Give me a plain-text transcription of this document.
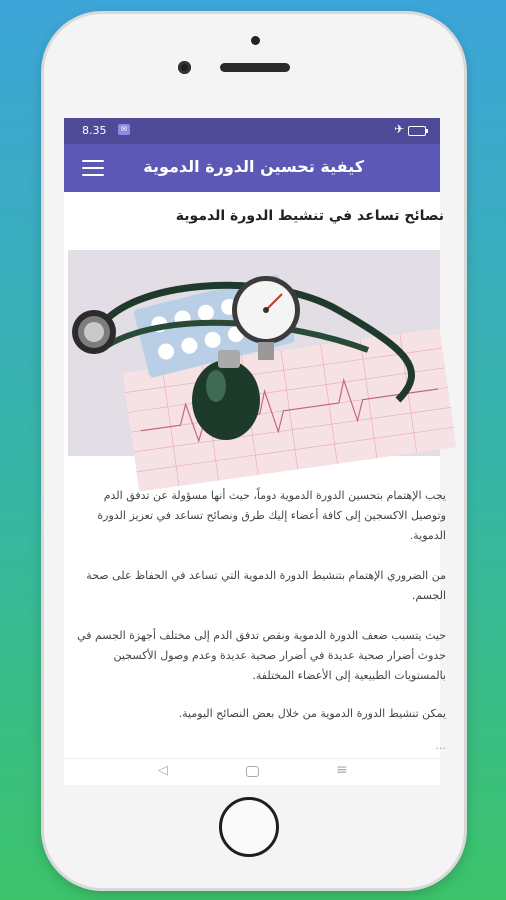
8.35	✉	✈
كيفية تحسين الدورة الدموية
نصائح تساعد في تنشيط الدورة الدموية
يجب الإهتمام بتحسين الدورة الدموية دوماً، حيث أنها مسؤولة عن تدفق الدم وتوصيل الاكسجين إلى كافة أعضاء إليك طرق ونصائح تساعد في تعزيز الدورة الدموية.
من الضروري الإهتمام بتنشيط الدورة الدموية التي تساعد في الحفاظ على صحة الجسم.
حيث يتسبب ضعف الدورة الدموية ونقص تدفق الدم إلى مختلف أجهزة الجسم في حدوث أضرار صحية عديدة في أضرار صحية عديدة وعدم وصول الأكسجين بالمستويات الطبيعية إلى الأعضاء المختلفة.
يمكن تنشيط الدورة الدموية من خلال بعض النصائح اليومية.
...
◁	≡
